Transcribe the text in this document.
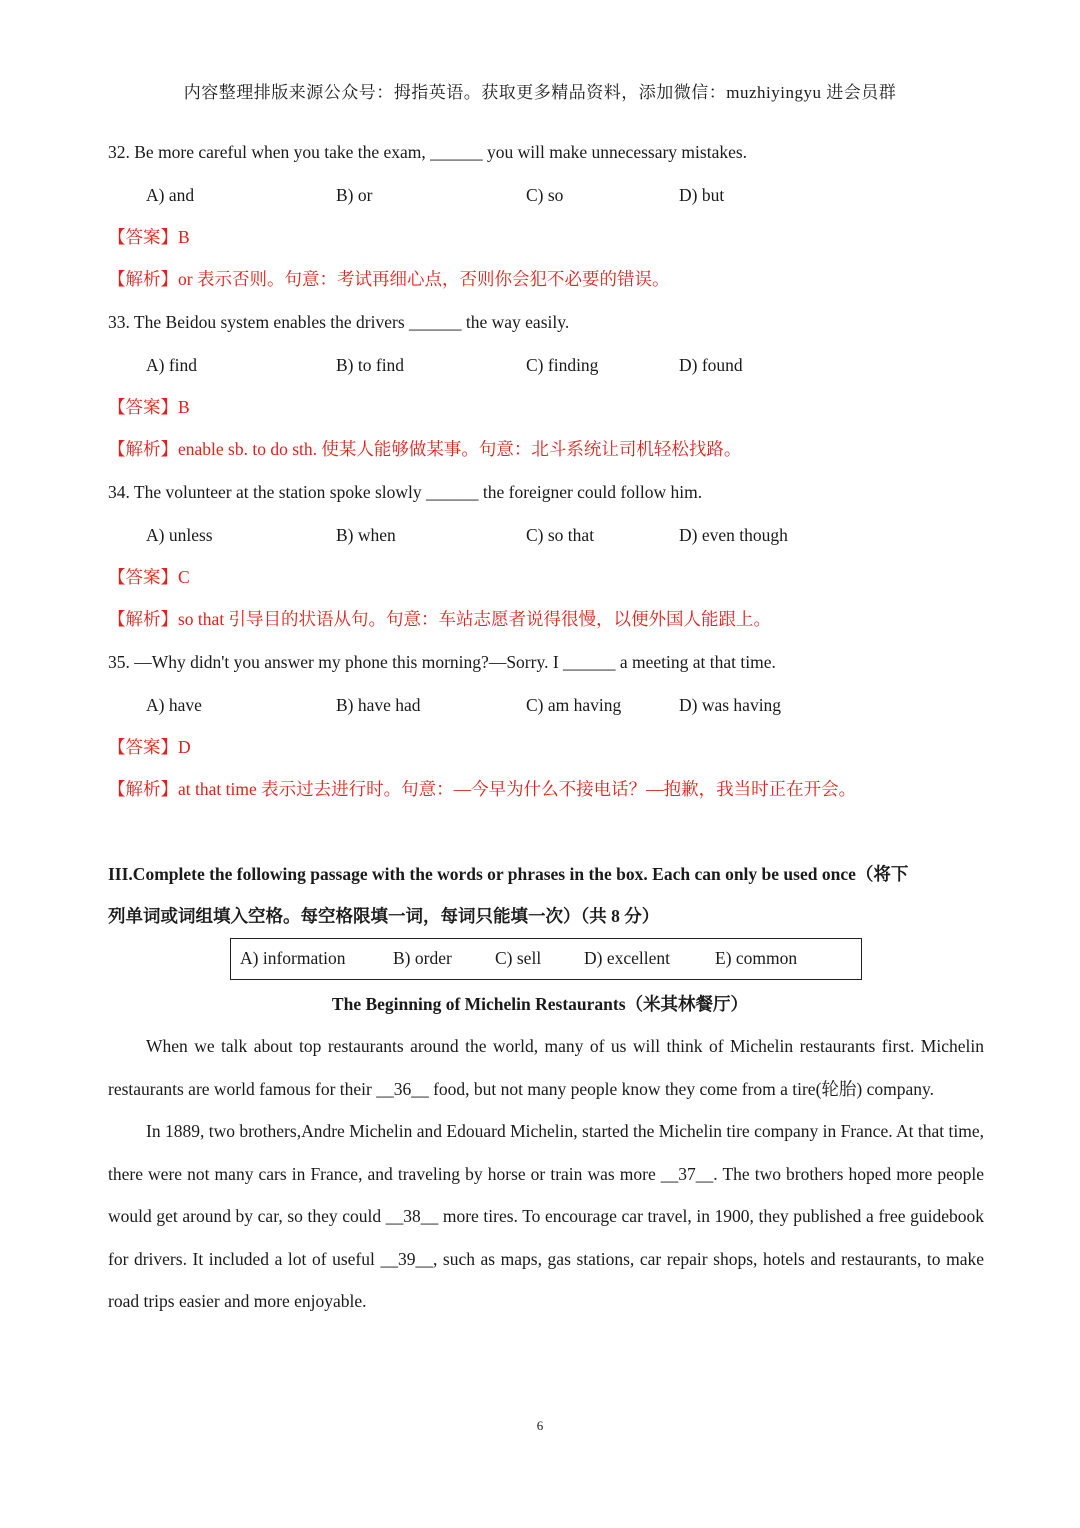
内容整理排版来源公众号：拇指英语。获取更多精品资料，添加微信：muzhiyingyu 进会员群
32. Be more careful when you take the exam, ______ you will make unnecessary mistakes.
A) and	B) or	C) so	D) but
【答案】B
【解析】or 表示否则。句意：考试再细心点，否则你会犯不必要的错误。
33. The Beidou system enables the drivers ______ the way easily.
A) find	B) to find	C) finding	D) found
【答案】B
【解析】enable sb. to do sth. 使某人能够做某事。句意：北斗系统让司机轻松找路。
34. The volunteer at the station spoke slowly ______ the foreigner could follow him.
A) unless	B) when	C) so that	D) even though
【答案】C
【解析】so that 引导目的状语从句。句意：车站志愿者说得很慢，以便外国人能跟上。
35. —Why didn't you answer my phone this morning?—Sorry. I ______ a meeting at that time.
A) have	B) have had	C) am having	D) was having
【答案】D
【解析】at that time 表示过去进行时。句意：—今早为什么不接电话？—抱歉，我当时正在开会。
III.Complete the following passage with the words or phrases in the box. Each can only be used once（将下
列单词或词组填入空格。每空格限填一词，每词只能填一次）（共 8 分）
A) information	B) order C) sell D) excellent	E) common
The Beginning of Michelin Restaurants（米其林餐厅）

When we talk about top restaurants around the world, many of us will think of Michelin restaurants first. Michelin restaurants are world famous for their __36__ food, but not many people know they come from a tire(轮胎) company.

In 1889, two brothers,Andre Michelin and Edouard Michelin, started the Michelin tire company in France. At that time, there were not many cars in France, and traveling by horse or train was more __37__. The two brothers hoped more people would get around by car, so they could __38__ more tires. To encourage car travel, in 1900, they published a free guidebook for drivers. It included a lot of useful __39__, such as maps, gas stations, car repair shops, hotels and restaurants, to make road trips easier and more enjoyable.

6
